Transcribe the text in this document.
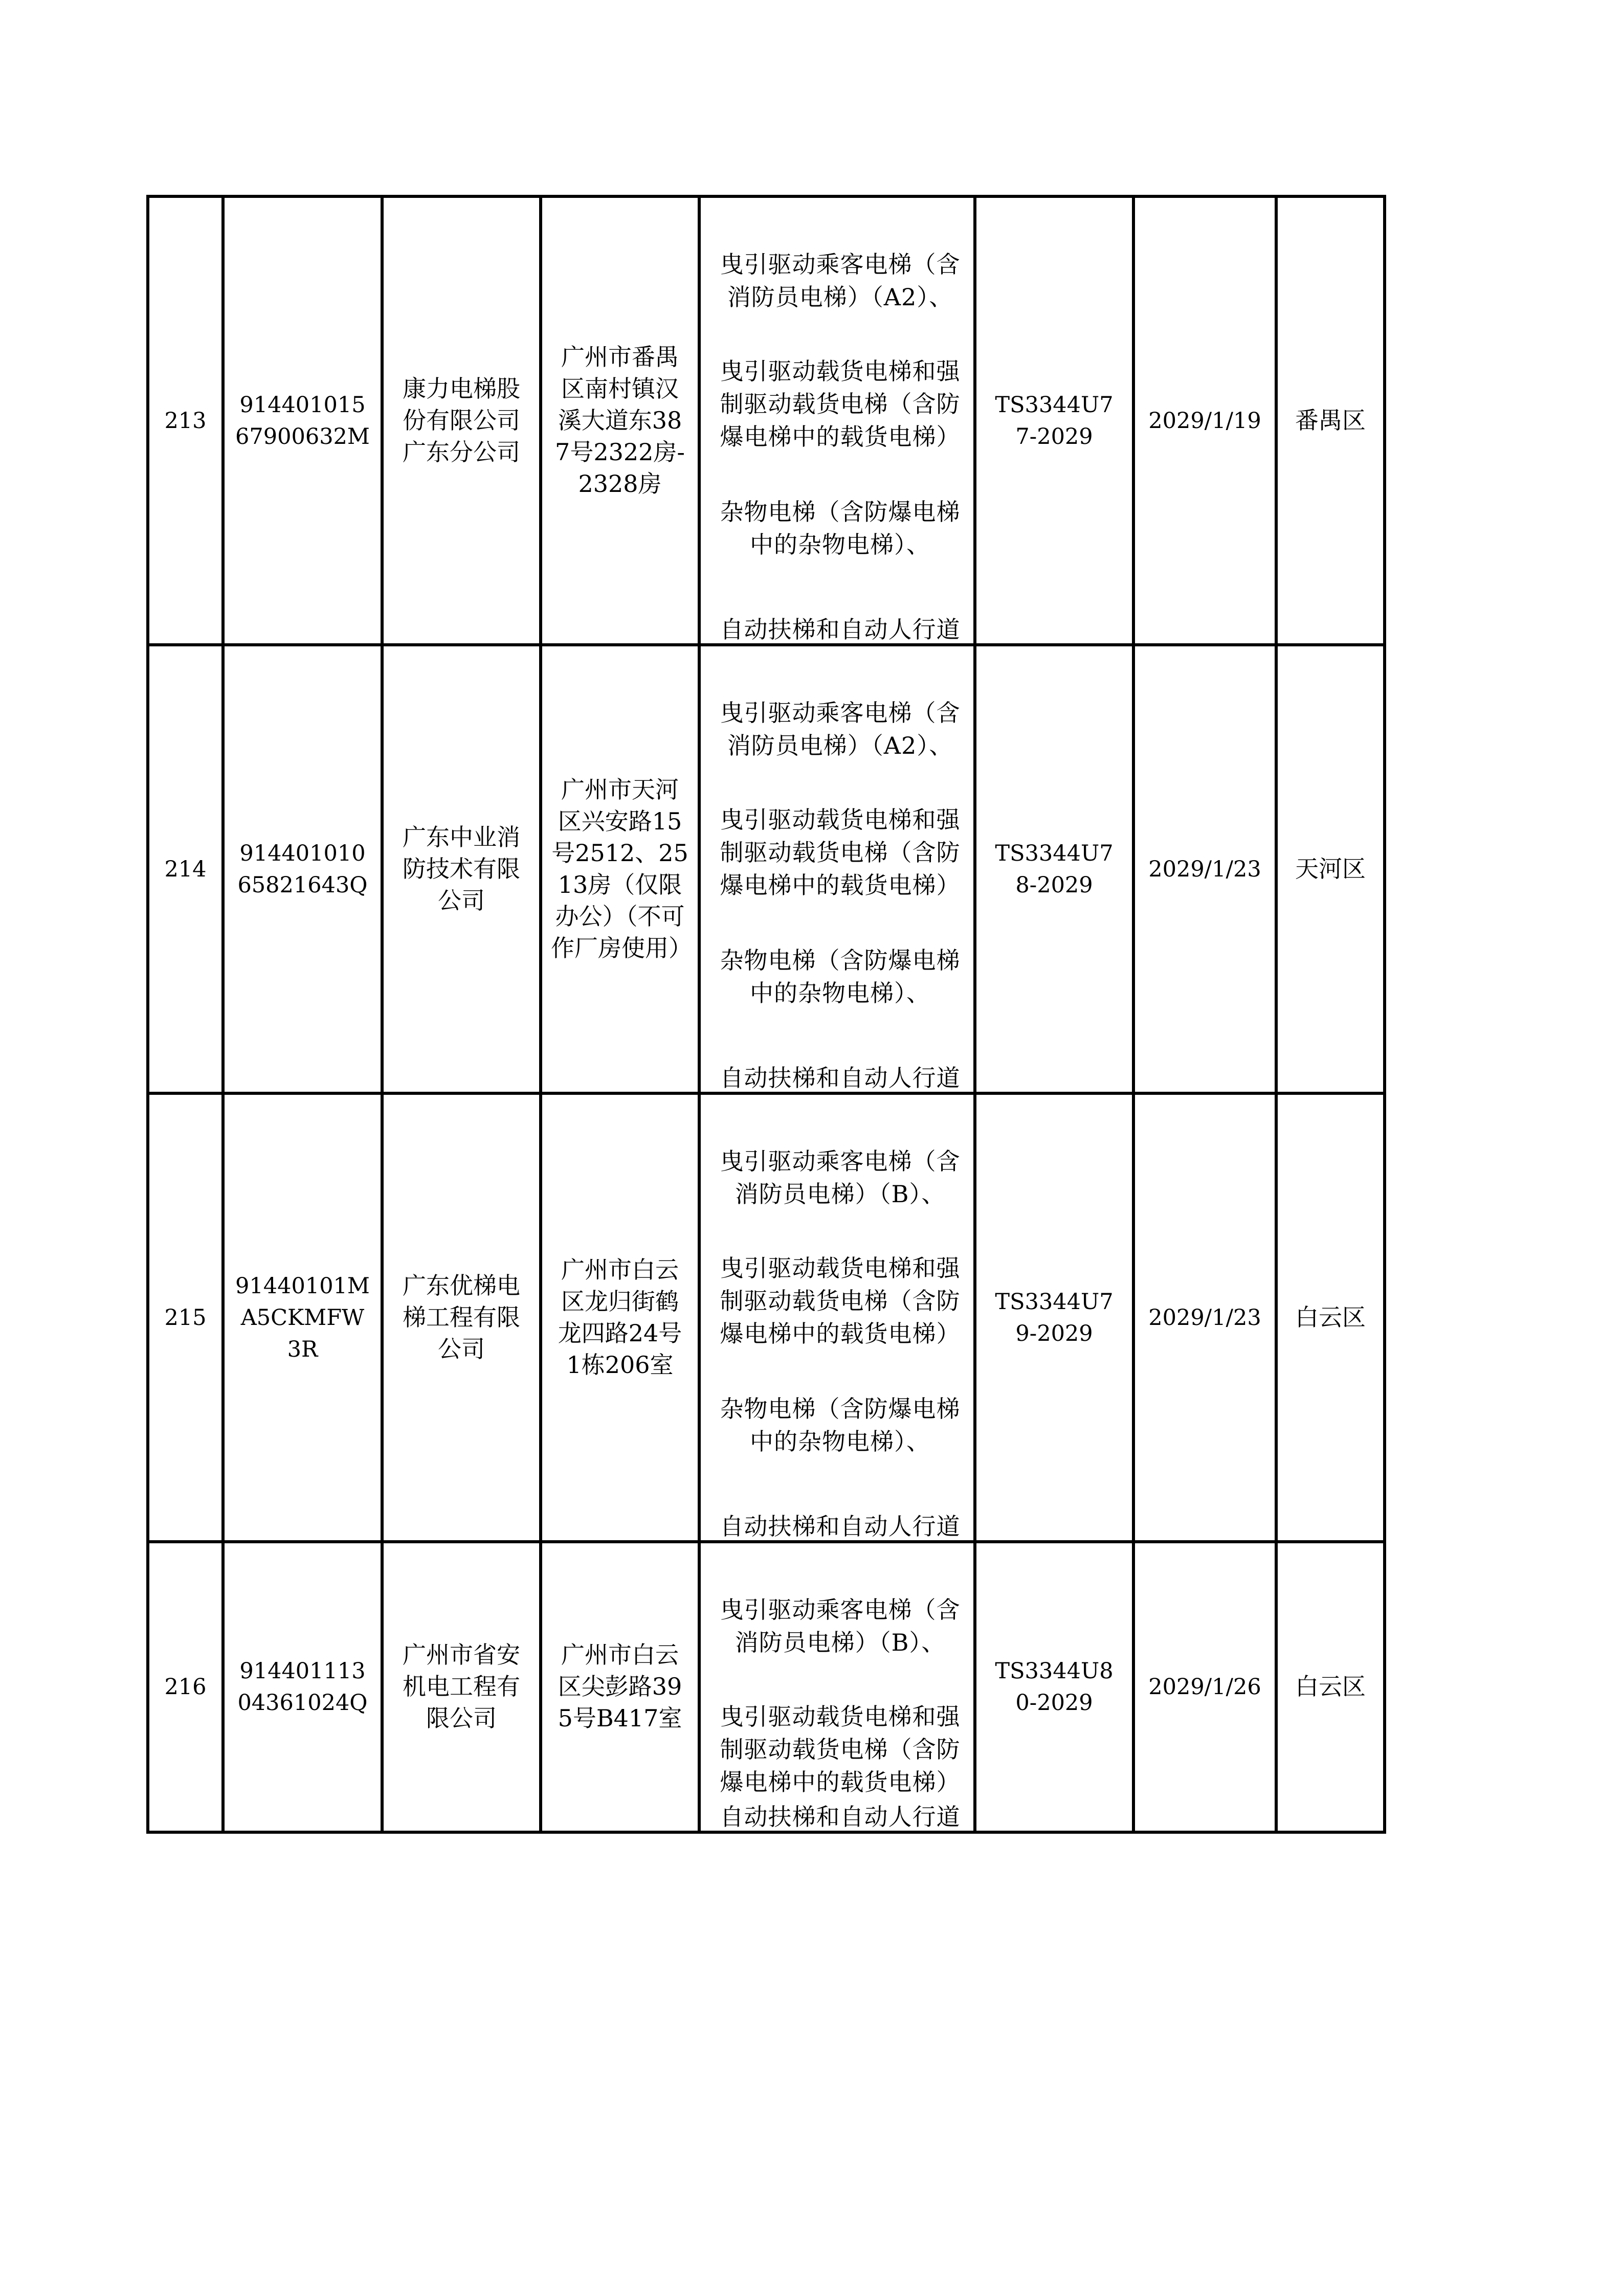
213	91440101567900632M	康力电梯股份有限公司广东分公司	广州市番禺区南村镇汉溪大道东387号2322房-2328房	曳引驱动乘客电梯（含消防员电梯）（A2）、
曳引驱动载货电梯和强制驱动载货电梯（含防爆电梯中的载货电梯）
杂物电梯（含防爆电梯中的杂物电梯）、
自动扶梯和自动人行道	TS3344U77-2029	2029/1/19	番禺区
214	91440101065821643Q	广东中业消防技术有限公司	广州市天河区兴安路15号2512、2513房（仅限办公）（不可作厂房使用）	曳引驱动乘客电梯（含消防员电梯）（A2）、
曳引驱动载货电梯和强制驱动载货电梯（含防爆电梯中的载货电梯）
杂物电梯（含防爆电梯中的杂物电梯）、
自动扶梯和自动人行道	TS3344U78-2029	2029/1/23	天河区
215	91440101MA5CKMFW3R	广东优梯电梯工程有限公司	广州市白云区龙归街鹤龙四路24号1栋206室	曳引驱动乘客电梯（含消防员电梯）（B）、
曳引驱动载货电梯和强制驱动载货电梯（含防爆电梯中的载货电梯）
杂物电梯（含防爆电梯中的杂物电梯）、
自动扶梯和自动人行道	TS3344U79-2029	2029/1/23	白云区
216	91440111304361024Q	广州市省安机电工程有限公司	广州市白云区尖彭路395号B417室	曳引驱动乘客电梯（含消防员电梯）（B）、
曳引驱动载货电梯和强制驱动载货电梯（含防爆电梯中的载货电梯）
自动扶梯和自动人行道	TS3344U80-2029	2029/1/26	白云区
